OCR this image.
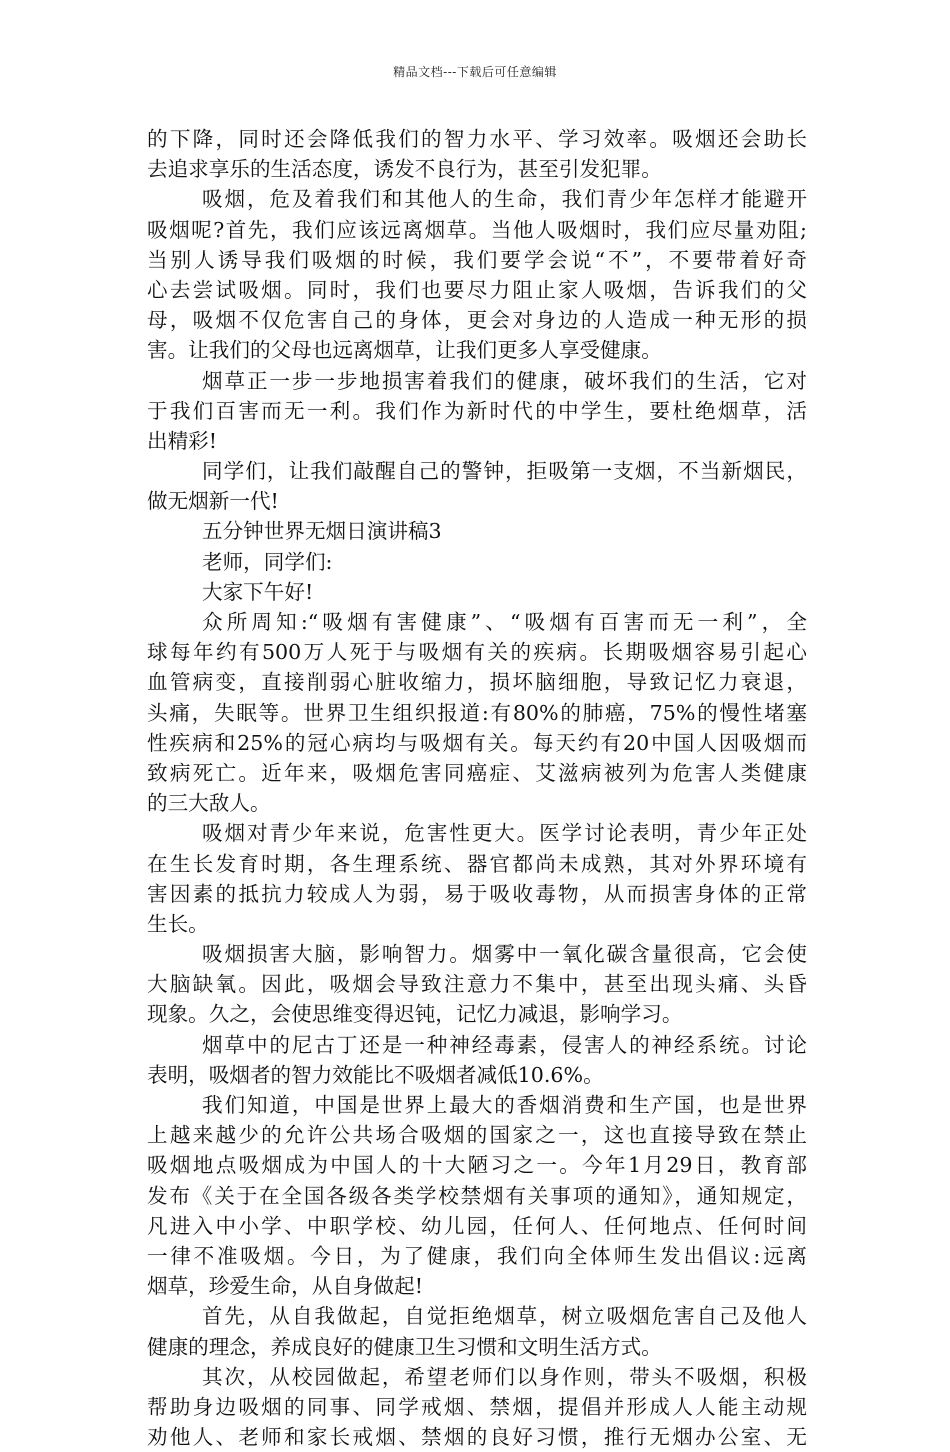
精品文档---下载后可任意编辑
的下降，同时还会降低我们的智力水平、学习效率。吸烟还会助长
去追求享乐的生活态度，诱发不良行为，甚至引发犯罪。
吸烟，危及着我们和其他人的生命，我们青少年怎样才能避开
吸烟呢?首先，我们应该远离烟草。当他人吸烟时，我们应尽量劝阻;
当别人诱导我们吸烟的时候，我们要学会说“不”，不要带着好奇
心去尝试吸烟。同时，我们也要尽力阻止家人吸烟，告诉我们的父
母，吸烟不仅危害自己的身体，更会对身边的人造成一种无形的损
害。让我们的父母也远离烟草，让我们更多人享受健康。
烟草正一步一步地损害着我们的健康，破坏我们的生活，它对
于我们百害而无一利。我们作为新时代的中学生，要杜绝烟草，活
出精彩!
同学们，让我们敲醒自己的警钟，拒吸第一支烟，不当新烟民，
做无烟新一代!
五分钟世界无烟日演讲稿3
老师，同学们:
大家下午好!
众所周知:“吸烟有害健康”、“吸烟有百害而无一利”，全
球每年约有500万人死于与吸烟有关的疾病。长期吸烟容易引起心
血管病变，直接削弱心脏收缩力，损坏脑细胞，导致记忆力衰退，
头痛，失眠等。世界卫生组织报道:有80%的肺癌，75%的慢性堵塞
性疾病和25%的冠心病均与吸烟有关。每天约有20中国人因吸烟而
致病死亡。近年来，吸烟危害同癌症、艾滋病被列为危害人类健康
的三大敌人。
吸烟对青少年来说，危害性更大。医学讨论表明，青少年正处
在生长发育时期，各生理系统、器官都尚未成熟，其对外界环境有
害因素的抵抗力较成人为弱，易于吸收毒物，从而损害身体的正常
生长。
吸烟损害大脑，影响智力。烟雾中一氧化碳含量很高，它会使
大脑缺氧。因此，吸烟会导致注意力不集中，甚至出现头痛、头昏
现象。久之，会使思维变得迟钝，记忆力减退，影响学习。
烟草中的尼古丁还是一种神经毒素，侵害人的神经系统。讨论
表明，吸烟者的智力效能比不吸烟者减低10.6%。
我们知道，中国是世界上最大的香烟消费和生产国，也是世界
上越来越少的允许公共场合吸烟的国家之一，这也直接导致在禁止
吸烟地点吸烟成为中国人的十大陋习之一。今年1月29日，教育部
发布《关于在全国各级各类学校禁烟有关事项的通知》，通知规定，
凡进入中小学、中职学校、幼儿园，任何人、任何地点、任何时间
一律不准吸烟。今日，为了健康，我们向全体师生发出倡议:远离
烟草，珍爱生命，从自身做起!
首先，从自我做起，自觉拒绝烟草，树立吸烟危害自己及他人
健康的理念，养成良好的健康卫生习惯和文明生活方式。
其次，从校园做起，希望老师们以身作则，带头不吸烟，积极
帮助身边吸烟的同事、同学戒烟、禁烟，提倡并形成人人能主动规
劝他人、老师和家长戒烟、禁烟的良好习惯，推行无烟办公室、无
